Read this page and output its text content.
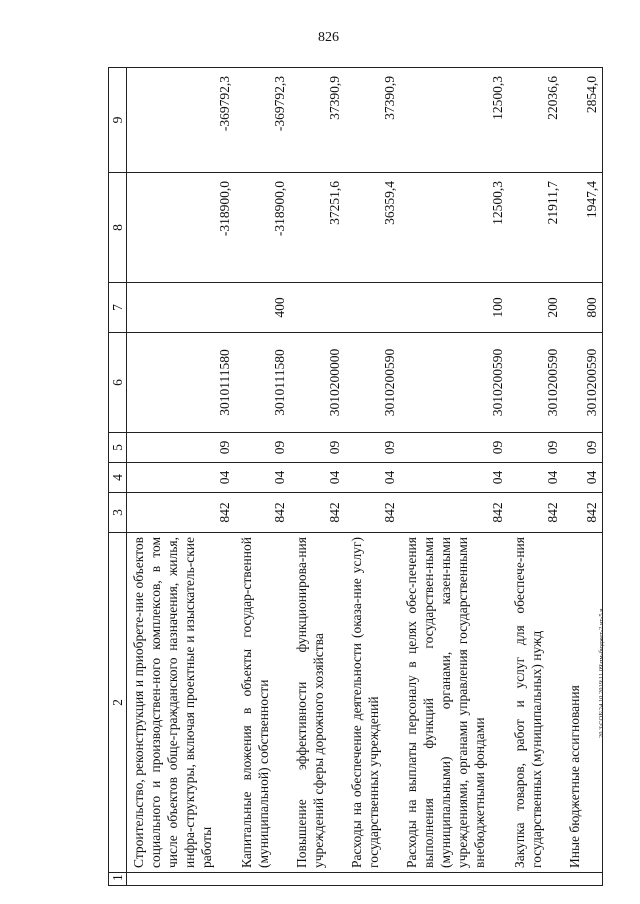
826
20.3\СОБ\24 10.2019\11.09\пм-бюджет-2 чт-5 ч
1	2	3	4	5	6	7	8	9
	Строительство, реконструкция и приобрете-ние объектов социального и производствен-ного комплексов, в том числе объектов обще-гражданского назначения, жилья, инфра-структуры, включая проектные и изыскатель-ские работы	842	04	09	3010111580		-318900,0	-369792,3
	Капитальные вложения в объекты государ-ственной (муниципальной) собственности	842	04	09	3010111580	400	-318900,0	-369792,3
	Повышение эффективности функционирова-ния учреждений сферы дорожного хозяйства	842	04	09	3010200000		37251,6	37390,9
	Расходы на обеспечение деятельности (оказа-ние услуг) государственных учреждений	842	04	09	3010200590		36359,4	37390,9
	Расходы на выплаты персоналу в целях обес-печения выполнения функций государствен-ными (муниципальными) органами, казен-ными учреждениями, органами управления государственными внебюджетными фондами	842	04	09	3010200590	100	12500,3	12500,3
	Закупка товаров, работ и услуг для обеспече-ния государственных (муниципальных) нужд	842	04	09	3010200590	200	21911,7	22036,6
	Иные бюджетные ассигнования	842	04	09	3010200590	800	1947,4	2854,0
